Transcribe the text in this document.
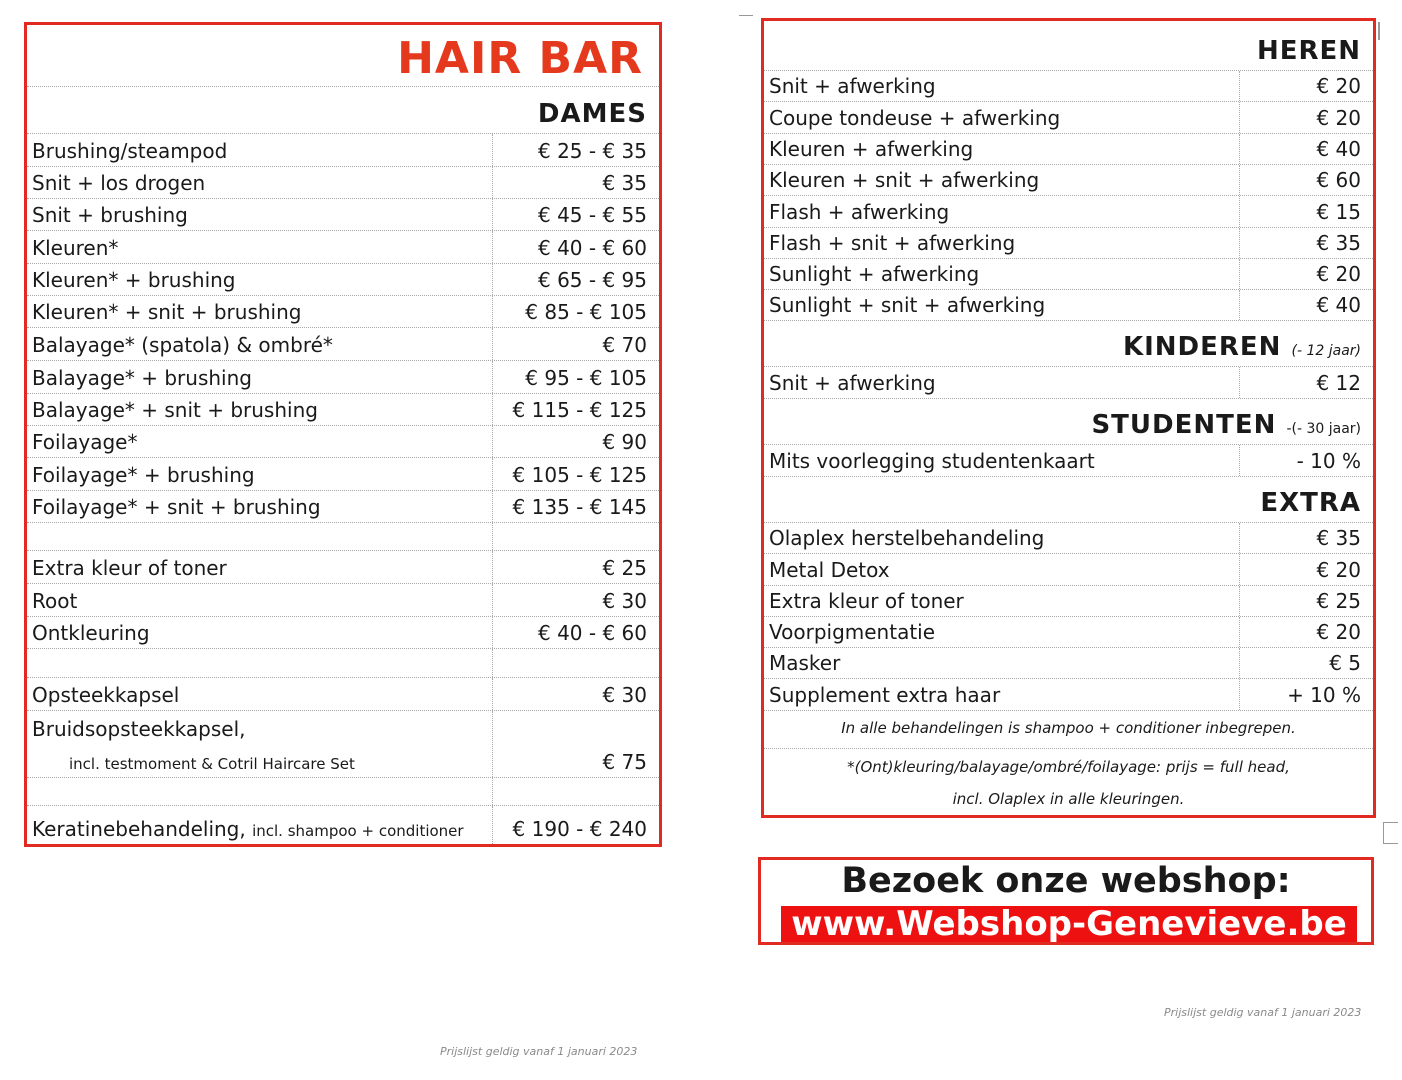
HAIR BAR
DAMES
Brushing/steampod	€ 25 - € 35
Snit + los drogen	€ 35
Snit + brushing	€ 45 - € 55
Kleuren*	€ 40 - € 60
Kleuren* + brushing	€ 65 - € 95
Kleuren* + snit + brushing	€ 85 - € 105
Balayage* (spatola) & ombré*	€ 70
Balayage* + brushing	€ 95 - € 105
Balayage* + snit + brushing	€ 115 - € 125
Foilayage*	€ 90
Foilayage* + brushing	€ 105 - € 125
Foilayage* + snit + brushing	€ 135 - € 145
Extra kleur of toner	€ 25
Root	€ 30
Ontkleuring	€ 40 - € 60
Opsteekkapsel	€ 30
Bruidsopsteekkapsel,
incl. testmoment & Cotril Haircare Set	€ 75
Keratinebehandeling, incl. shampoo + conditioner € 190 - € 240
HEREN
Snit + afwerking	€ 20
Coupe tondeuse + afwerking	€ 20
Kleuren + afwerking	€ 40
Kleuren + snit + afwerking	€ 60
Flash + afwerking	€ 15
Flash + snit + afwerking	€ 35
Sunlight + afwerking	€ 20
Sunlight + snit + afwerking	€ 40
KINDEREN (- 12 jaar)
Snit + afwerking	€ 12
STUDENTEN -(- 30 jaar)
Mits voorlegging studentenkaart	- 10 %
EXTRA
Olaplex herstelbehandeling	€ 35
Metal Detox	€ 20
Extra kleur of toner	€ 25
Voorpigmentatie	€ 20
Masker	€ 5
Supplement extra haar	+ 10 %
In alle behandelingen is shampoo + conditioner inbegrepen.
*(Ont)kleuring/balayage/ombré/foilayage: prijs = full head,
incl. Olaplex in alle kleuringen.
Bezoek onze webshop:
www.Webshop-Genevieve.be
Prijslijst geldig vanaf 1 januari 2023
Prijslijst geldig vanaf 1 januari 2023
